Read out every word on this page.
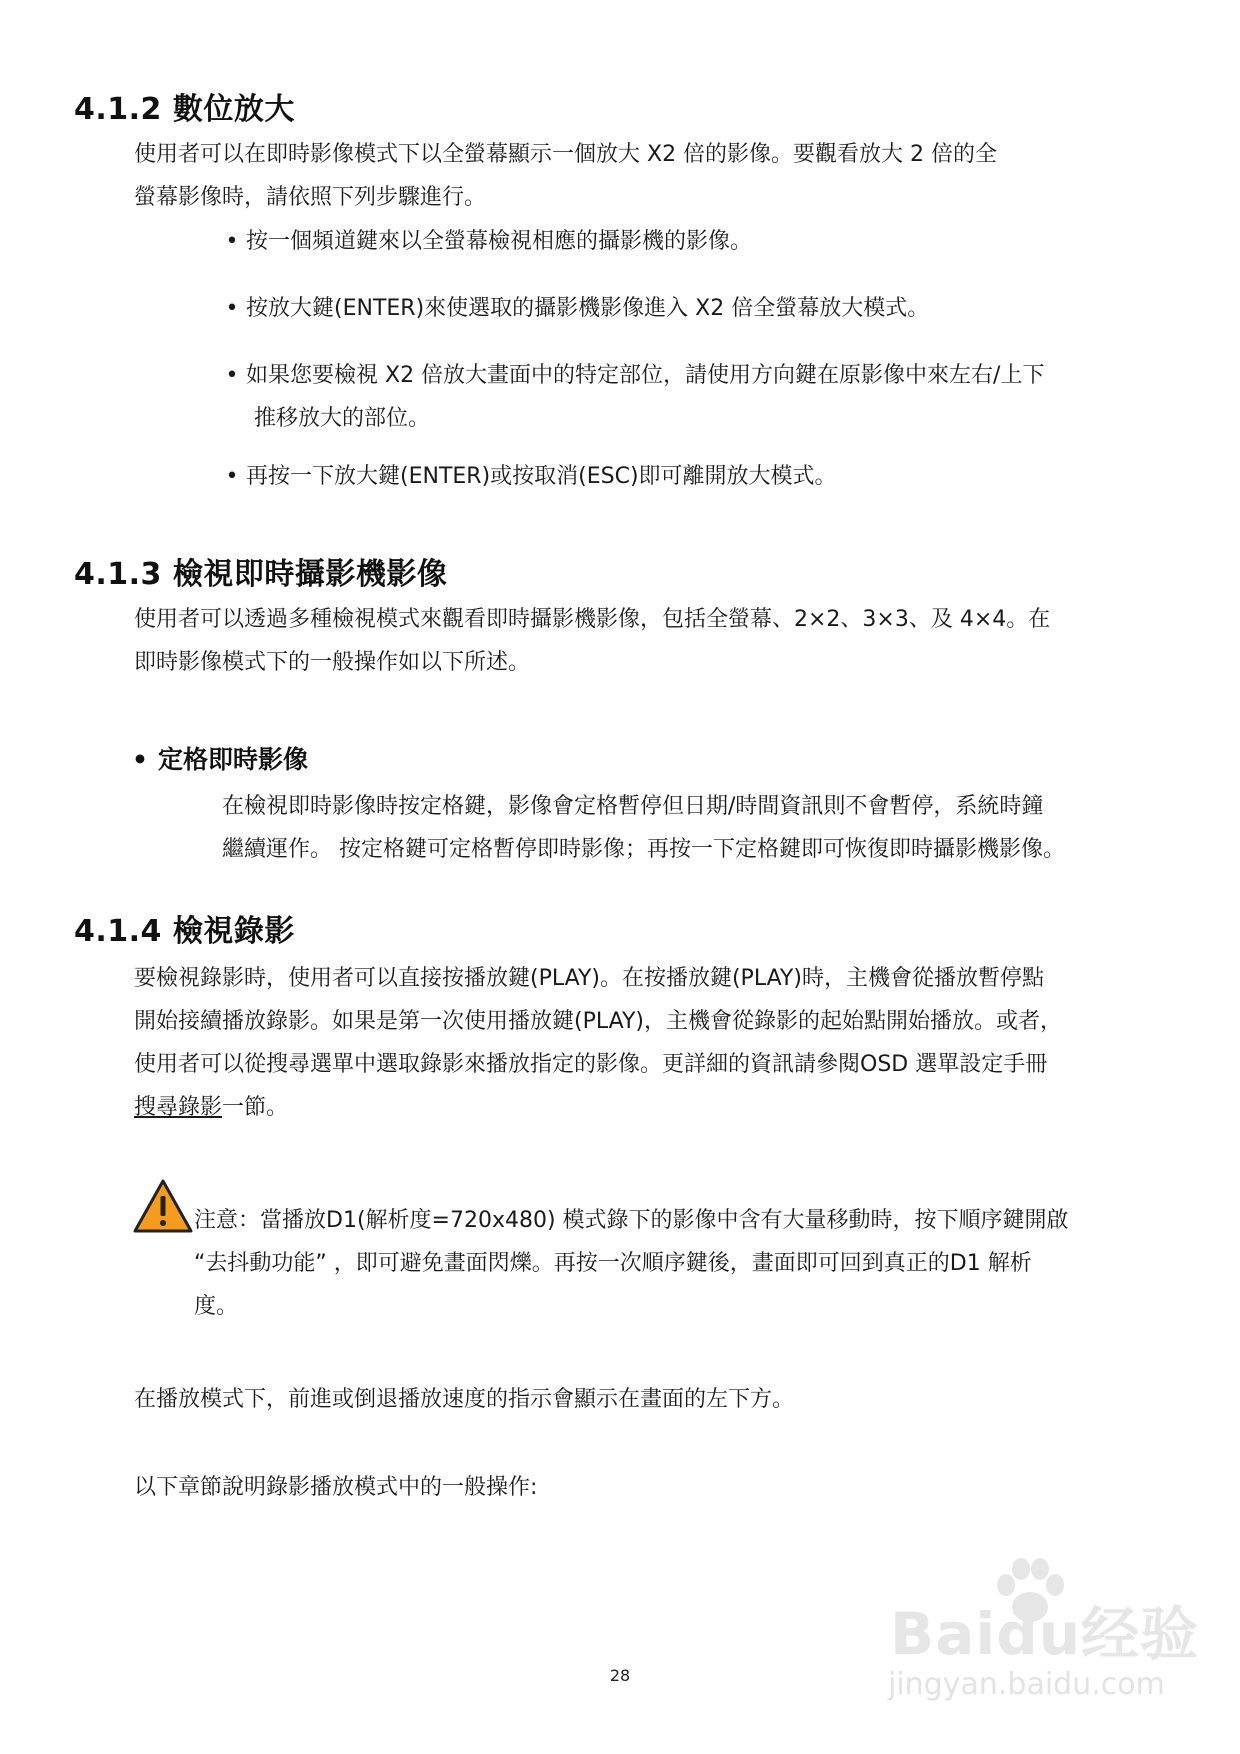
4.1.2 數位放大
使用者可以在即時影像模式下以全螢幕顯示一個放大 X2 倍的影像。要觀看放大 2 倍的全
螢幕影像時，請依照下列步驟進行。
• 按一個頻道鍵來以全螢幕檢視相應的攝影機的影像。
• 按放大鍵(ENTER)來使選取的攝影機影像進入 X2 倍全螢幕放大模式。
• 如果您要檢視 X2 倍放大畫面中的特定部位，請使用方向鍵在原影像中來左右/上下
推移放大的部位。
• 再按一下放大鍵(ENTER)或按取消(ESC)即可離開放大模式。
4.1.3 檢視即時攝影機影像
使用者可以透過多種檢視模式來觀看即時攝影機影像，包括全螢幕、2×2、3×3、及 4×4。在
即時影像模式下的一般操作如以下所述。
• 定格即時影像
在檢視即時影像時按定格鍵，影像會定格暫停但日期/時間資訊則不會暫停，系統時鐘
繼續運作。 按定格鍵可定格暫停即時影像；再按一下定格鍵即可恢復即時攝影機影像。
4.1.4 檢視錄影
要檢視錄影時，使用者可以直接按播放鍵(PLAY)。在按播放鍵(PLAY)時，主機會從播放暫停點
開始接續播放錄影。如果是第一次使用播放鍵(PLAY)，主機會從錄影的起始點開始播放。或者，
使用者可以從搜尋選單中選取錄影來播放指定的影像。更詳細的資訊請參閱OSD 選單設定手冊
搜尋錄影一節。
注意：當播放D1(解析度=720x480) 模式錄下的影像中含有大量移動時，按下順序鍵開啟
“去抖動功能” ，即可避免畫面閃爍。再按一次順序鍵後，畫面即可回到真正的D1 解析
度。
在播放模式下，前進或倒退播放速度的指示會顯示在畫面的左下方。
以下章節說明錄影播放模式中的一般操作:
Baidu经验
jingyan.baidu.com
28
